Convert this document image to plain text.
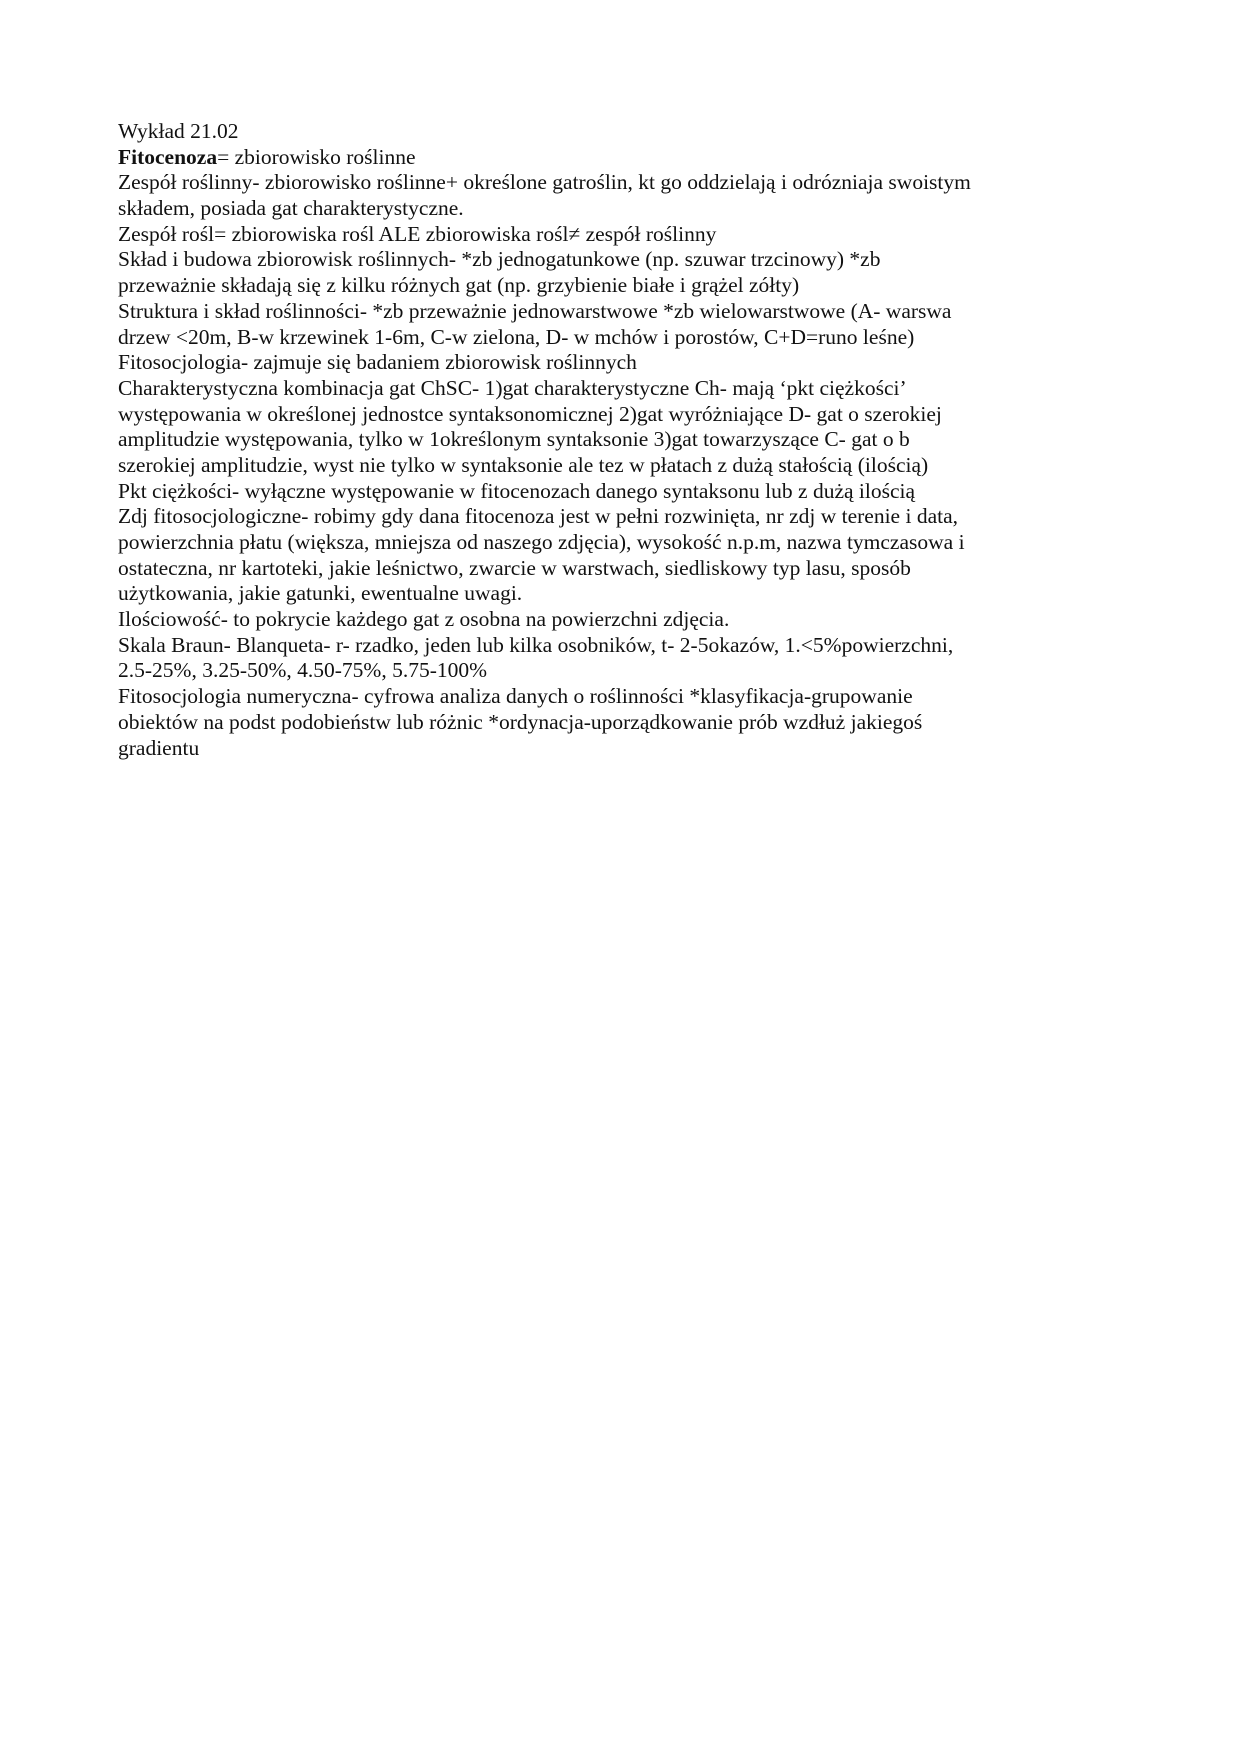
Wykład 21.02
Fitocenoza= zbiorowisko roślinne
Zespół roślinny- zbiorowisko roślinne+ określone gatroślin, kt go oddzielają i odrózniaja swoistym
składem, posiada gat charakterystyczne.
Zespół rośl= zbiorowiska rośl ALE zbiorowiska rośl≠ zespół roślinny
Skład i budowa zbiorowisk roślinnych- *zb jednogatunkowe (np. szuwar trzcinowy) *zb
przeważnie składają się z kilku różnych gat (np. grzybienie białe i grążel zółty)
Struktura i skład roślinności- *zb przeważnie jednowarstwowe *zb wielowarstwowe (A- warswa
drzew <20m, B-w krzewinek 1-6m, C-w zielona, D- w mchów i porostów, C+D=runo leśne)
Fitosocjologia- zajmuje się badaniem zbiorowisk roślinnych
Charakterystyczna kombinacja gat ChSC- 1)gat charakterystyczne Ch- mają ‘pkt ciężkości’
występowania w określonej jednostce syntaksonomicznej 2)gat wyróżniające D- gat o szerokiej
amplitudzie występowania, tylko w 1określonym syntaksonie 3)gat towarzyszące C- gat o b
szerokiej amplitudzie, wyst nie tylko w syntaksonie ale tez w płatach z dużą stałością (ilością)
Pkt ciężkości- wyłączne występowanie w fitocenozach danego syntaksonu lub z dużą ilością
Zdj fitosocjologiczne- robimy gdy dana fitocenoza jest w pełni rozwinięta, nr zdj w terenie i data,
powierzchnia płatu (większa, mniejsza od naszego zdjęcia), wysokość n.p.m, nazwa tymczasowa i
ostateczna, nr kartoteki, jakie leśnictwo, zwarcie w warstwach, siedliskowy typ lasu, sposób
użytkowania, jakie gatunki, ewentualne uwagi.
Ilościowość- to pokrycie każdego gat z osobna na powierzchni zdjęcia.
Skala Braun- Blanqueta- r- rzadko, jeden lub kilka osobników, t- 2-5okazów, 1.<5%powierzchni,
2.5-25%, 3.25-50%, 4.50-75%, 5.75-100%
Fitosocjologia numeryczna- cyfrowa analiza danych o roślinności *klasyfikacja-grupowanie
obiektów na podst podobieństw lub różnic *ordynacja-uporządkowanie prób wzdłuż jakiegoś
gradientu
